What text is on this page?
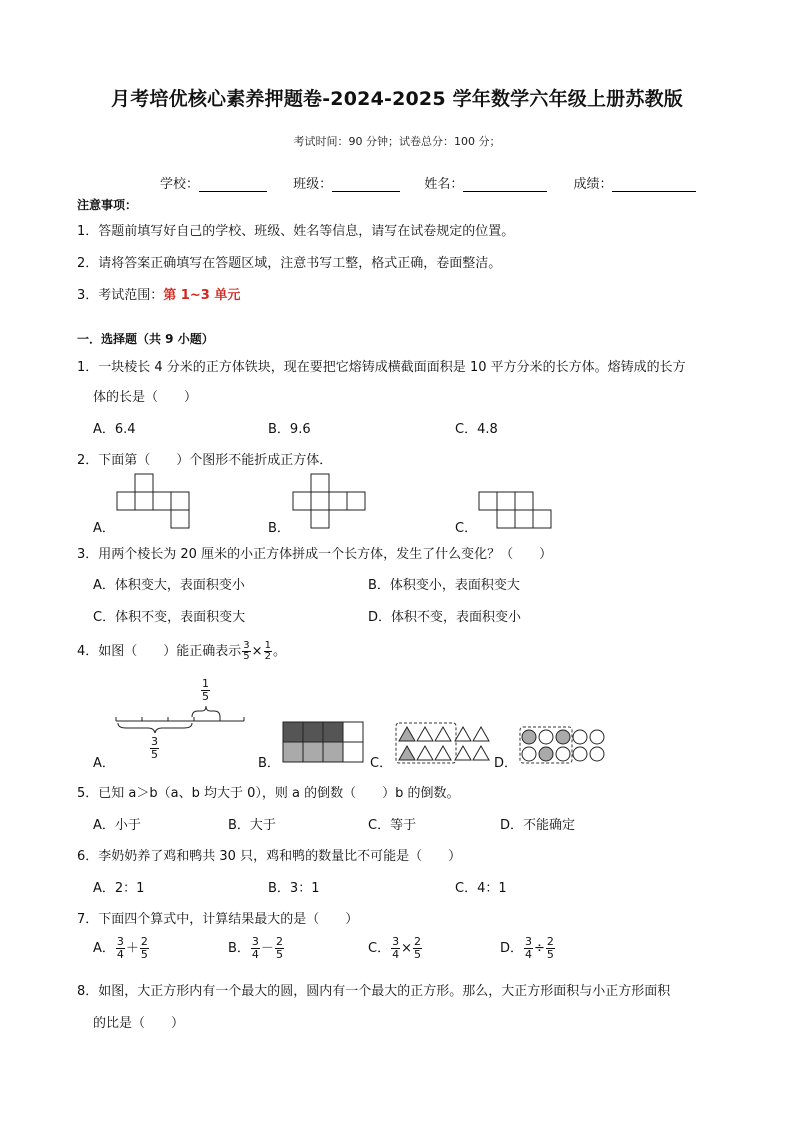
月考培优核心素养押题卷-2024-2025 学年数学六年级上册苏教版
考试时间：90 分钟；试卷总分：100 分；
学校：	班级：	姓名：	成绩：
注意事项：
1．答题前填写好自己的学校、班级、姓名等信息，请写在试卷规定的位置。
2．请将答案正确填写在答题区域，注意书写工整，格式正确，卷面整洁。
3．考试范围：第 1~3 单元
一．选择题（共 9 小题）
1．一块棱长 4 分米的正方体铁块，现在要把它熔铸成横截面面积是 10 平方分米的长方体。熔铸成的长方
体的长是（　　）
A．6.4	B．9.6	C．4.8
2．下面第（　　）个图形不能折成正方体．
A．	B．	C．
3．用两个棱长为 20 厘米的小正方体拼成一个长方体，发生了什么变化？（　　）
A．体积变大，表面积变小	B．体积变小，表面积变大
C．体积不变，表面积变大	D．体积不变，表面积变小
4．如图（　　）能正确表示 $\frac{3}{5} \times \frac{1}{2}$ 。
$\frac{1}{5}$
$\frac{3}{5}$
A．	B．	C．	D．
5．已知 a＞b（a、b 均大于 0），则 a 的倒数（　　）b 的倒数。
A．小于	B．大于	C．等于	D．不能确定
6．李奶奶养了鸡和鸭共 30 只，鸡和鸭的数量比不可能是（　　）
A．2：1	B．3：1	C．4：1
7．下面四个算式中，计算结果最大的是（　　）
A． $\frac{3}{4} + \frac{2}{5}$	B． $\frac{3}{4} - \frac{2}{5}$	C． $\frac{3}{4} \times \frac{2}{5}$	D． $\frac{3}{4} \div \frac{2}{5}$
8．如图，大正方形内有一个最大的圆，圆内有一个最大的正方形。那么，大正方形面积与小正方形面积
的比是（　　）
